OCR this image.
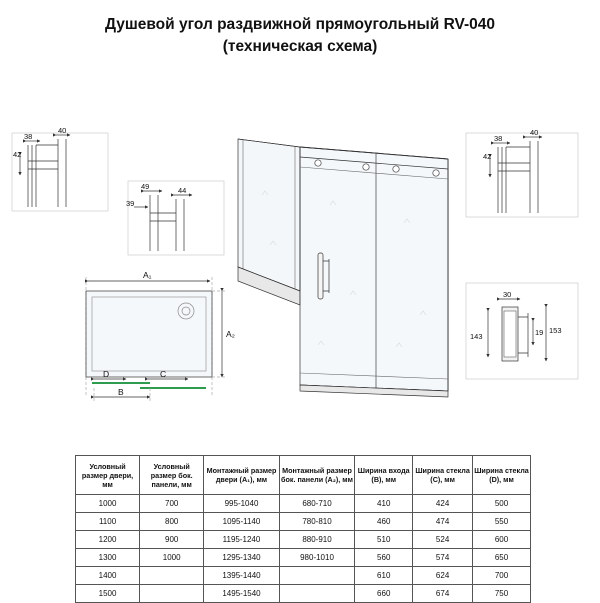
Душевой угол раздвижной прямоугольный RV-040
(техническая схема)
38
40
42
49	44
39
38
40
42
30
153
143	19
A₁
A₂
B
D	C
Условный размер двери, мм	Условный размер бок. панели, мм	Монтажный размер двери (A₁), мм	Монтажный размер бок. панели (A₂), мм	Ширина входа (B), мм	Ширина стекла (C), мм	Ширина стекла (D), мм
1000	700	995-1040	680-710	410	424	500
1100	800	1095-1140	780-810	460	474	550
1200	900	1195-1240	880-910	510	524	600
1300	1000	1295-1340	980-1010	560	574	650
1400		1395-1440		610	624	700
1500		1495-1540		660	674	750
